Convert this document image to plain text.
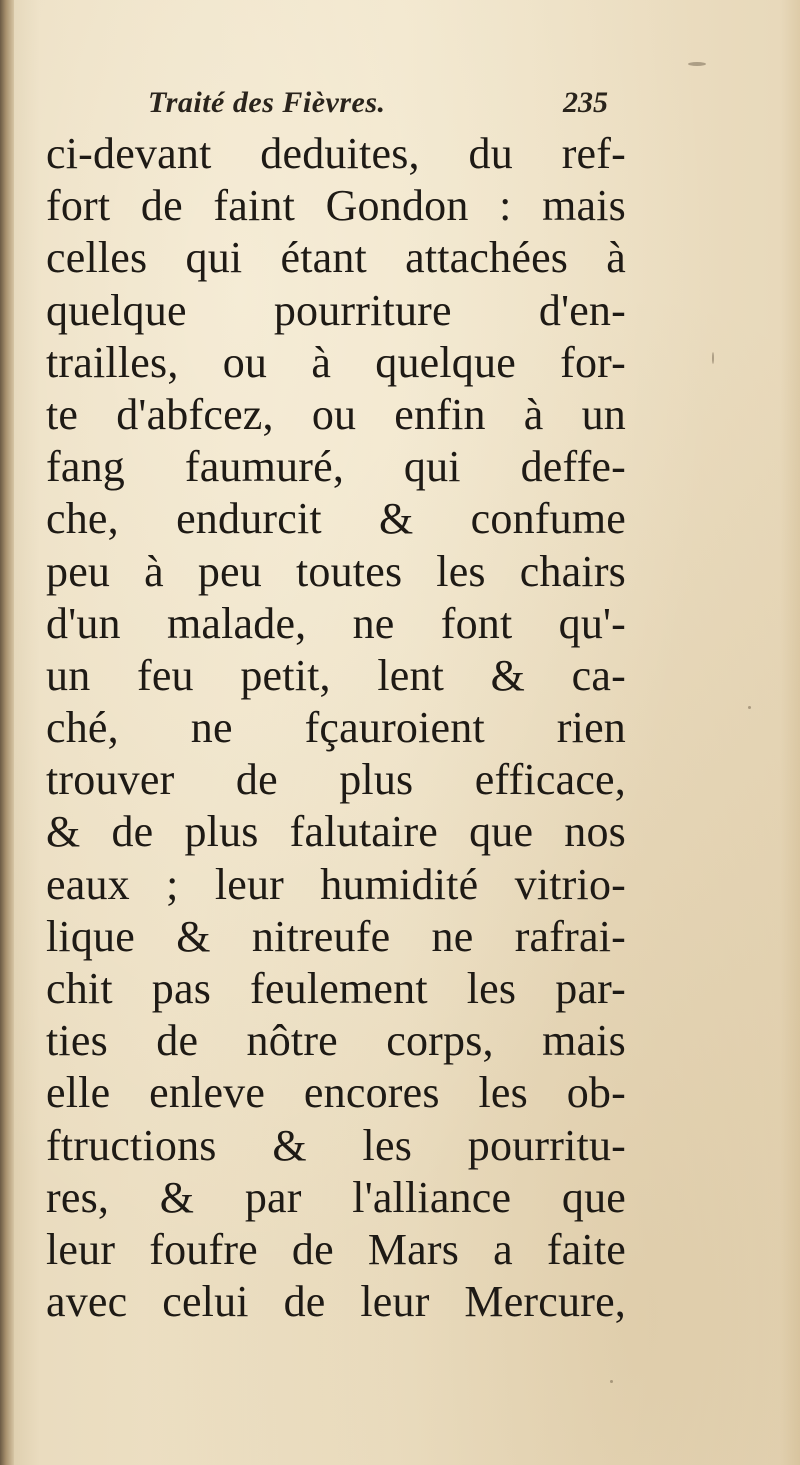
Traité des Fièvres.	235
ci-devant deduites, du ref-
fort de faint Gondon : mais
celles qui étant attachées à
quelque pourriture d'en-
trailles, ou à quelque for-
te d'abfcez, ou enfin à un
fang faumuré, qui deffe-
che, endurcit & confume
peu à peu toutes les chairs
d'un malade, ne font qu'-
un feu petit, lent & ca-
ché, ne fçauroient rien
trouver de plus efficace,
& de plus falutaire que nos
eaux ; leur humidité vitrio-
lique & nitreufe ne rafrai-
chit pas feulement les par-
ties de nôtre corps, mais
elle enleve encores les ob-
ftructions & les pourritu-
res, & par l'alliance que
leur foufre de Mars a faite
avec celui de leur Mercure,
